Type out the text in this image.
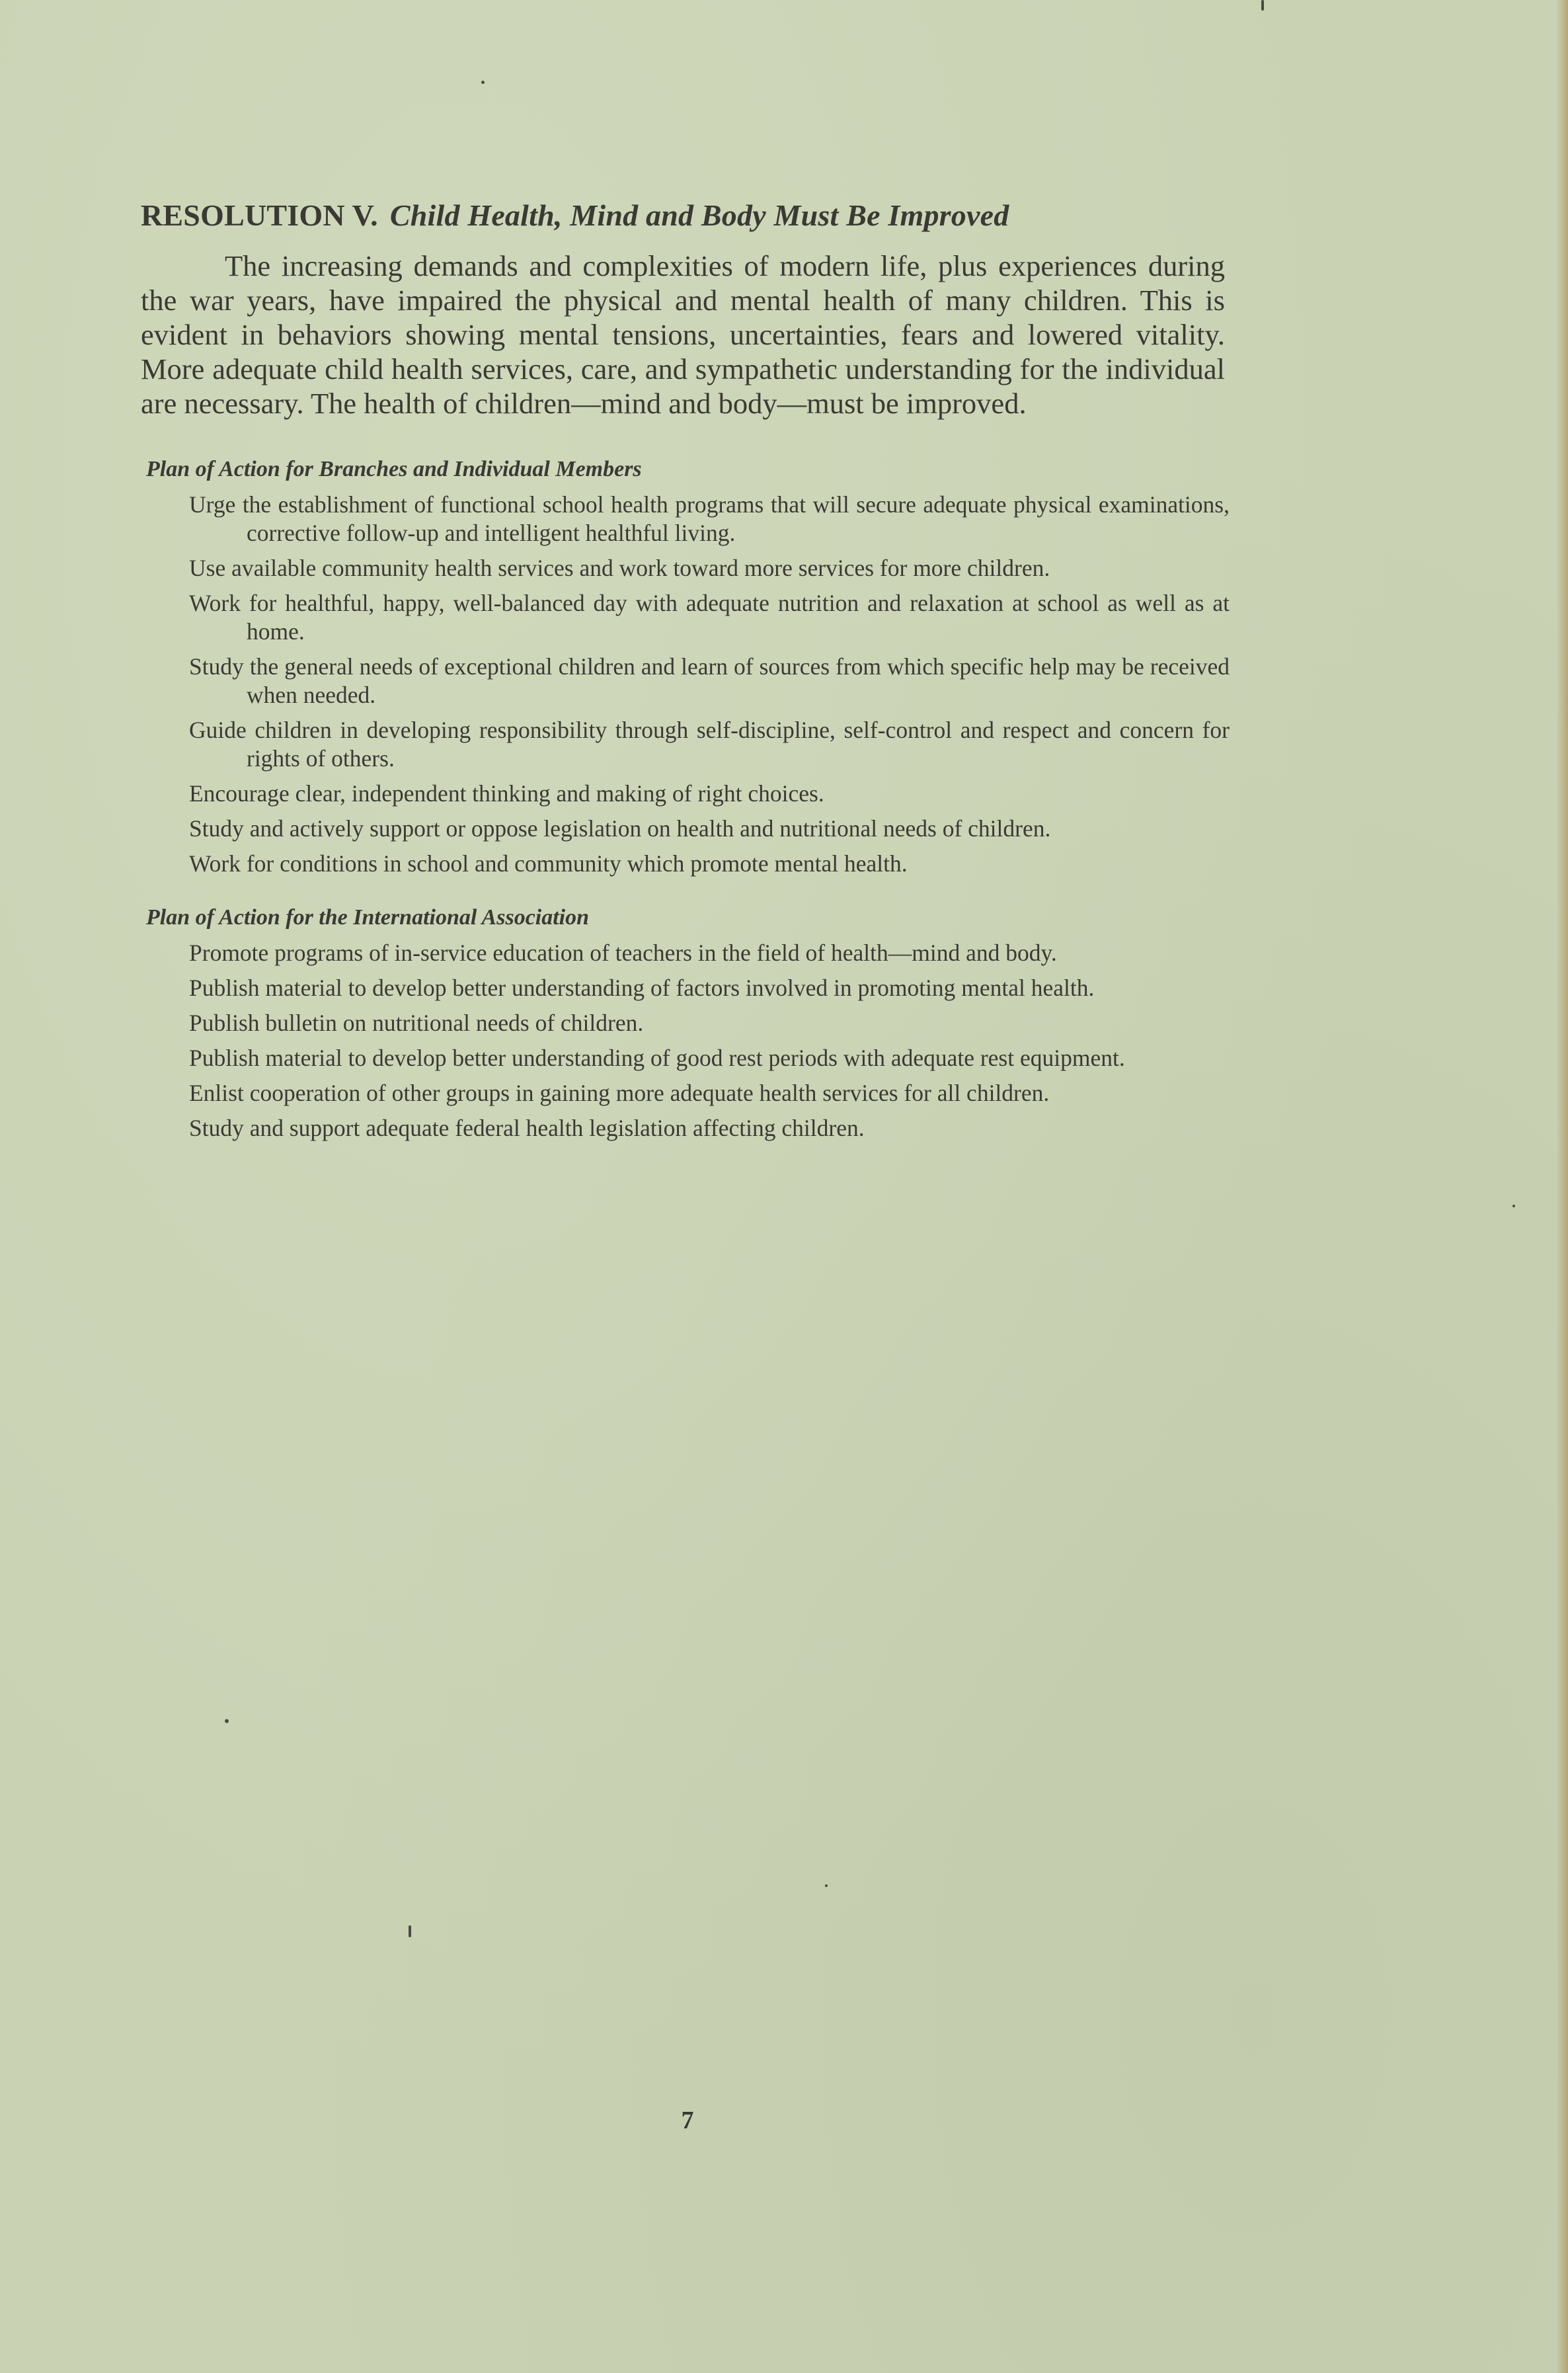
RESOLUTION V. Child Health, Mind and Body Must Be Improved

The increasing demands and complexities of modern life, plus experiences during the war years, have impaired the physical and mental health of many children. This is evident in behaviors showing mental tensions, uncertainties, fears and lowered vitality. More adequate child health services, care, and sympathetic understanding for the individual are necessary. The health of children—mind and body—must be improved.

Plan of Action for Branches and Individual Members
Urge the establishment of functional school health programs that will secure adequate physical examinations, corrective follow-up and intelligent healthful living.
Use available community health services and work toward more services for more children.
Work for healthful, happy, well-balanced day with adequate nutrition and relaxation at school as well as at home.
Study the general needs of exceptional children and learn of sources from which specific help may be received when needed.
Guide children in developing responsibility through self-discipline, self-control and respect and concern for rights of others.
Encourage clear, independent thinking and making of right choices.
Study and actively support or oppose legislation on health and nutritional needs of children.
Work for conditions in school and community which promote mental health.
Plan of Action for the International Association
Promote programs of in-service education of teachers in the field of health—mind and body.
Publish material to develop better understanding of factors involved in promoting mental health.
Publish bulletin on nutritional needs of children.
Publish material to develop better understanding of good rest periods with adequate rest equipment.
Enlist cooperation of other groups in gaining more adequate health services for all children.
Study and support adequate federal health legislation affecting children.
7
